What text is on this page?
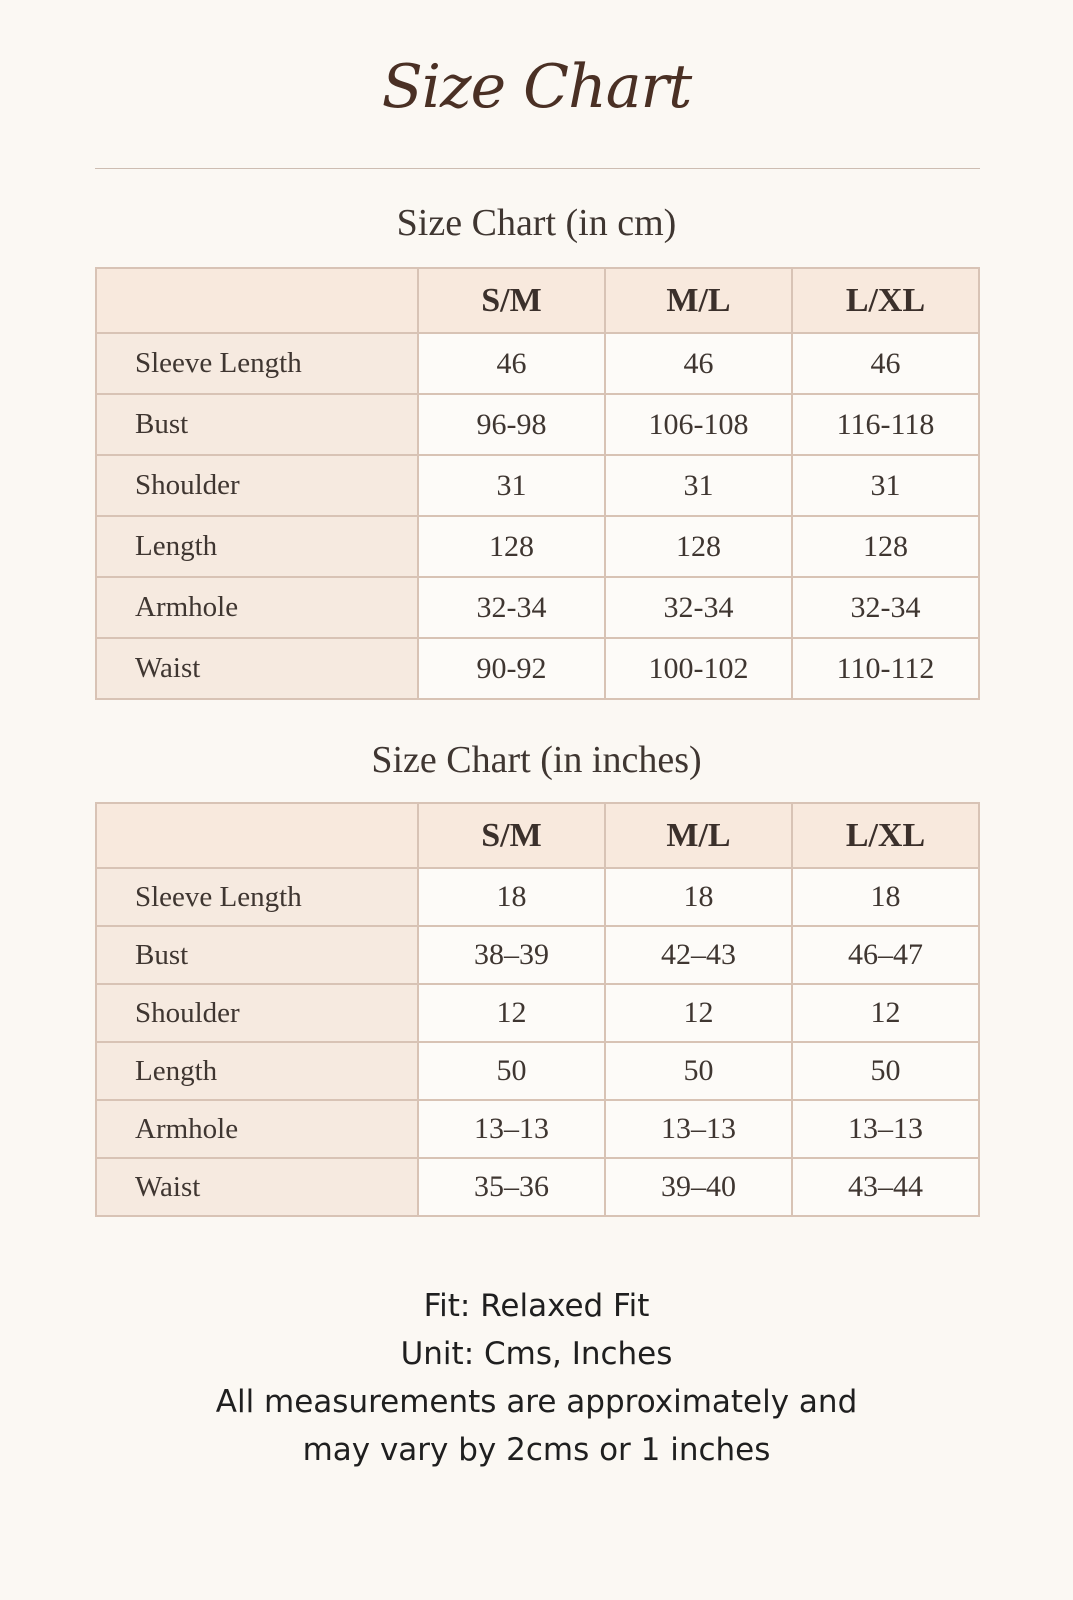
Size Chart
Size Chart (in cm)
	S/M	M/L	L/XL
Sleeve Length	46	46	46
Bust	96-98	106-108	116-118
Shoulder	31	31	31
Length	128	128	128
Armhole	32-34	32-34	32-34
Waist	90-92	100-102	110-112
Size Chart (in inches)
	S/M	M/L	L/XL
Sleeve Length	18	18	18
Bust	38–39	42–43	46–47
Shoulder	12	12	12
Length	50	50	50
Armhole	13–13	13–13	13–13
Waist	35–36	39–40	43–44
Fit: Relaxed Fit
Unit: Cms, Inches
All measurements are approximately and
may vary by 2cms or 1 inches
